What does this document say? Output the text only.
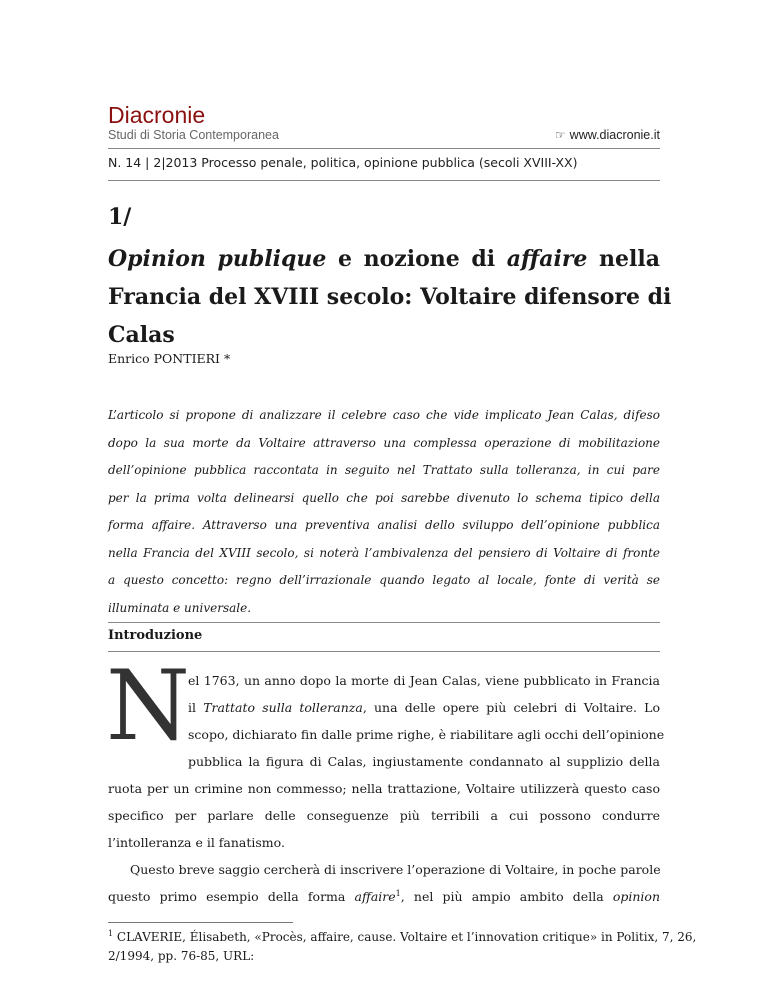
Diacronie
Studi di Storia Contemporanea	☞ www.diacronie.it
N. 14 | 2|2013 Processo penale, politica, opinione pubblica (secoli XVIII-XX)
1/
Opinion publique e nozione di affaire nella
Francia del XVIII secolo: Voltaire difensore di
Calas
Enrico PONTIERI *

L’articolo si propone di analizzare il celebre caso che vide implicato Jean Calas, difeso
dopo la sua morte da Voltaire attraverso una complessa operazione di mobilitazione
dell’opinione pubblica raccontata in seguito nel Trattato sulla tolleranza, in cui pare
per la prima volta delinearsi quello che poi sarebbe divenuto lo schema tipico della
forma affaire. Attraverso una preventiva analisi dello sviluppo dell’opinione pubblica
nella Francia del XVIII secolo, si noterà l’ambivalenza del pensiero di Voltaire di fronte
a questo concetto: regno dell’irrazionale quando legato al locale, fonte di verità se
illuminata e universale.

Introduzione
N

el 1763, un anno dopo la morte di Jean Calas, viene pubblicato in Francia
il Trattato sulla tolleranza, una delle opere più celebri di Voltaire. Lo
scopo, dichiarato fin dalle prime righe, è riabilitare agli occhi dell’opinione
pubblica la figura di Calas, ingiustamente condannato al supplizio della
ruota per un crimine non commesso; nella trattazione, Voltaire utilizzerà questo caso
specifico per parlare delle conseguenze più terribili a cui possono condurre
l’intolleranza e il fanatismo.

Questo breve saggio cercherà di inscrivere l’operazione di Voltaire, in poche parole
questo primo esempio della forma affaire$^1$, nel più ampio ambito della opinion

$^1$ CLAVERIE, Élisabeth, «Procès, affaire, cause. Voltaire et l’innovation critique» in Politix, 7, 26,
2/1994, pp. 76-85, URL:
